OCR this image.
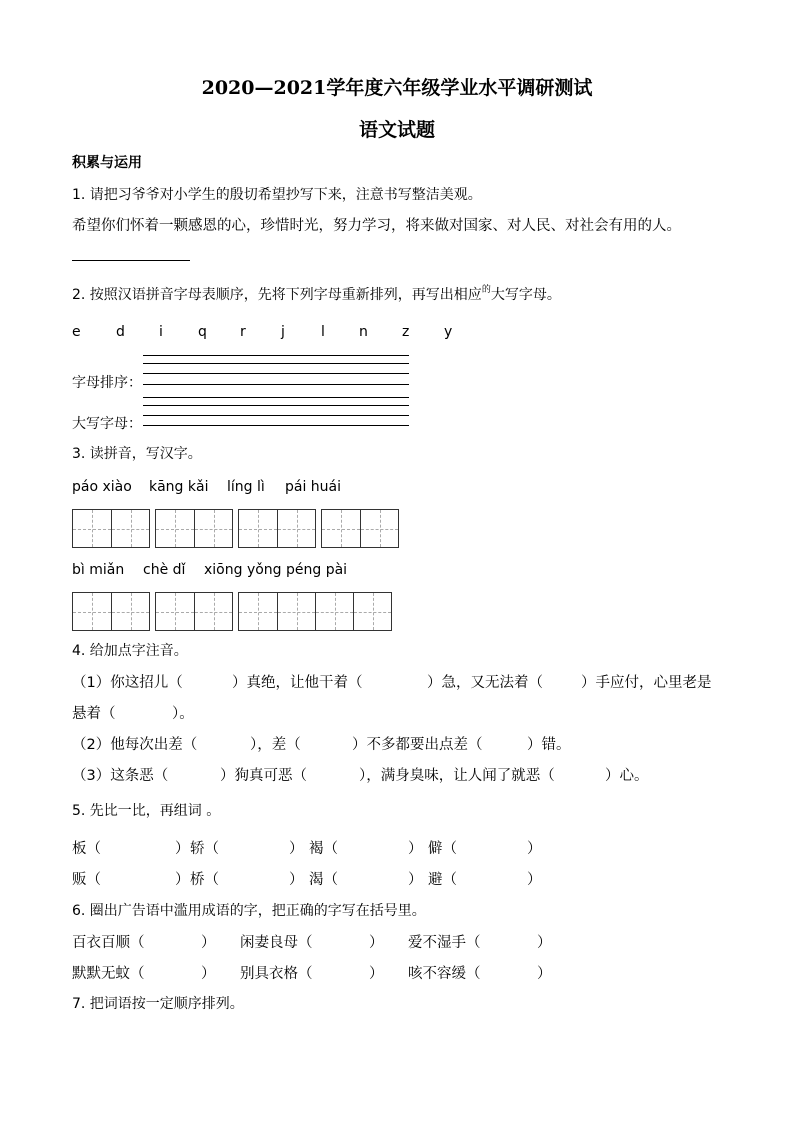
2020—2021学年度六年级学业水平调研测试
语文试题
积累与运用
1. 请把习爷爷对小学生的殷切希望抄写下来，注意书写整洁美观。
希望你们怀着一颗感恩的心，珍惜时光，努力学习，将来做对国家、对人民、对社会有用的人。
2. 按照汉语拼音字母表顺序，先将下列字母重新排列，再写出相应$^的$大写字母。
e	d i	q r	j	l n z y
字母排序：
大写字母：
3. 读拼音，写汉字。
páo xiào kāng kǎi líng lì pái huái
bì miǎn chè dǐ xiōng yǒng péng pài
4. 给加点字注音。
（1）你这招儿（	）真绝，让他干着（	）急，又无法着（	）手应付，心里老是
悬着（	）。
（2）他每次出差（	），差（	）不多都要出点差（	）错。
（3）这条恶（	）狗真可恶（	），满身臭味，让人闻了就恶（	）心。
5. 先比一比，再组词 。
板（	） 轿（	） 褐（	） 僻（	）
贩（	） 桥（	） 渴（	） 避（	）
6. 圈出广告语中滥用成语的字，把正确的字写在括号里。
百衣百顺（	） 闲妻良母（	） 爱不湿手（	）
默默无蚊（	） 别具衣格（	） 咳不容缓（	）
7. 把词语按一定顺序排列。
